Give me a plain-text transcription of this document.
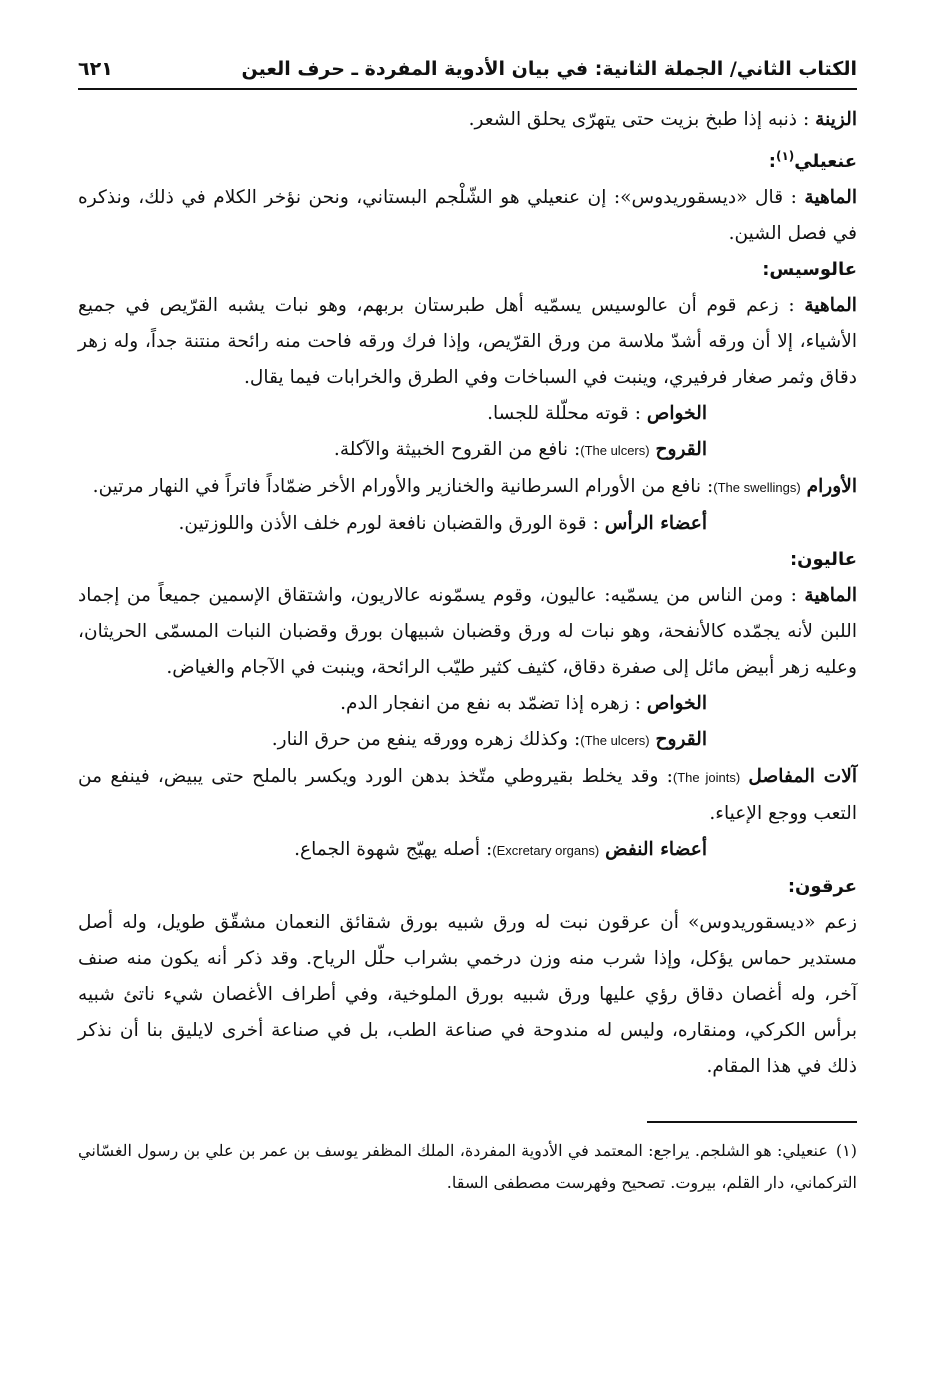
الكتاب الثاني/ الجملة الثانية: في بيان الأدوية المفردة ـ حرف العين
٦٢١

الزينة : ذنبه إذا طبخ بزيت حتى يتهرّى يحلق الشعر.

عنعيلي$^{(١)}$:

الماهية : قال «ديسقوريدوس»: إن عنعيلي هو الشّلْجم البستاني، ونحن نؤخر الكلام في ذلك، ونذكره في فصل الشين.

عالوسيس:

الماهية : زعم قوم أن عالوسيس يسمّيه أهل طبرستان بربهم، وهو نبات يشبه القرّيص في جميع الأشياء، إلا أن ورقه أشدّ ملاسة من ورق القرّيص، وإذا فرك ورقه فاحت منه رائحة منتنة جداً، وله زهر دقاق وثمر صغار فرفيري، وينبت في السباخات وفي الطرق والخرابات فيما يقال.

الخواص : قوته محلّلة للجسا.

القروح (The ulcers): نافع من القروح الخبيثة والآكلة.

الأورام (The swellings): نافع من الأورام السرطانية والخنازير والأورام الأخر ضمّاداً فاتراً في النهار مرتين.

أعضاء الرأس : قوة الورق والقضبان نافعة لورم خلف الأذن واللوزتين.

عاليون:

الماهية : ومن الناس من يسمّيه: عاليون، وقوم يسمّونه عالاريون، واشتقاق الإسمين جميعاً من إجماد اللبن لأنه يجمّده كالأنفحة، وهو نبات له ورق وقضبان شبيهان بورق وقضبان النبات المسمّى الحريثان، وعليه زهر أبيض مائل إلى صفرة دقاق، كثيف كثير طيّب الرائحة، وينبت في الآجام والغياض.

الخواص : زهره إذا تضمّد به نفع من انفجار الدم.

القروح (The ulcers): وكذلك زهره وورقه ينفع من حرق النار.

آلات المفاصل (The joints): وقد يخلط بقيروطي متّخذ بدهن الورد ويكسر بالملح حتى يبيض، فينفع من التعب ووجع الإعياء.

أعضاء النفض (Excretary organs): أصله يهيّج شهوة الجماع.

عرقون:

زعم «ديسقوريدوس» أن عرقون نبت له ورق شبيه بورق شقائق النعمان مشقّق طويل، وله أصل مستدير حماس يؤكل، وإذا شرب منه وزن درخمي بشراب حلّل الرياح. وقد ذكر أنه يكون منه صنف آخر، وله أغصان دقاق رؤي عليها ورق شبيه بورق الملوخية، وفي أطراف الأغصان شيء ناتئ شبيه برأس الكركي، ومنقاره، وليس له مندوحة في صناعة الطب، بل في صناعة أخرى لايليق بنا أن نذكر ذلك في هذا المقام.

(١)عنعيلي: هو الشلجم. يراجع: المعتمد في الأدوية المفردة، الملك المظفر يوسف بن عمر بن علي بن رسول الغسّاني التركماني، دار القلم، بيروت. تصحيح وفهرست مصطفى السقا.
